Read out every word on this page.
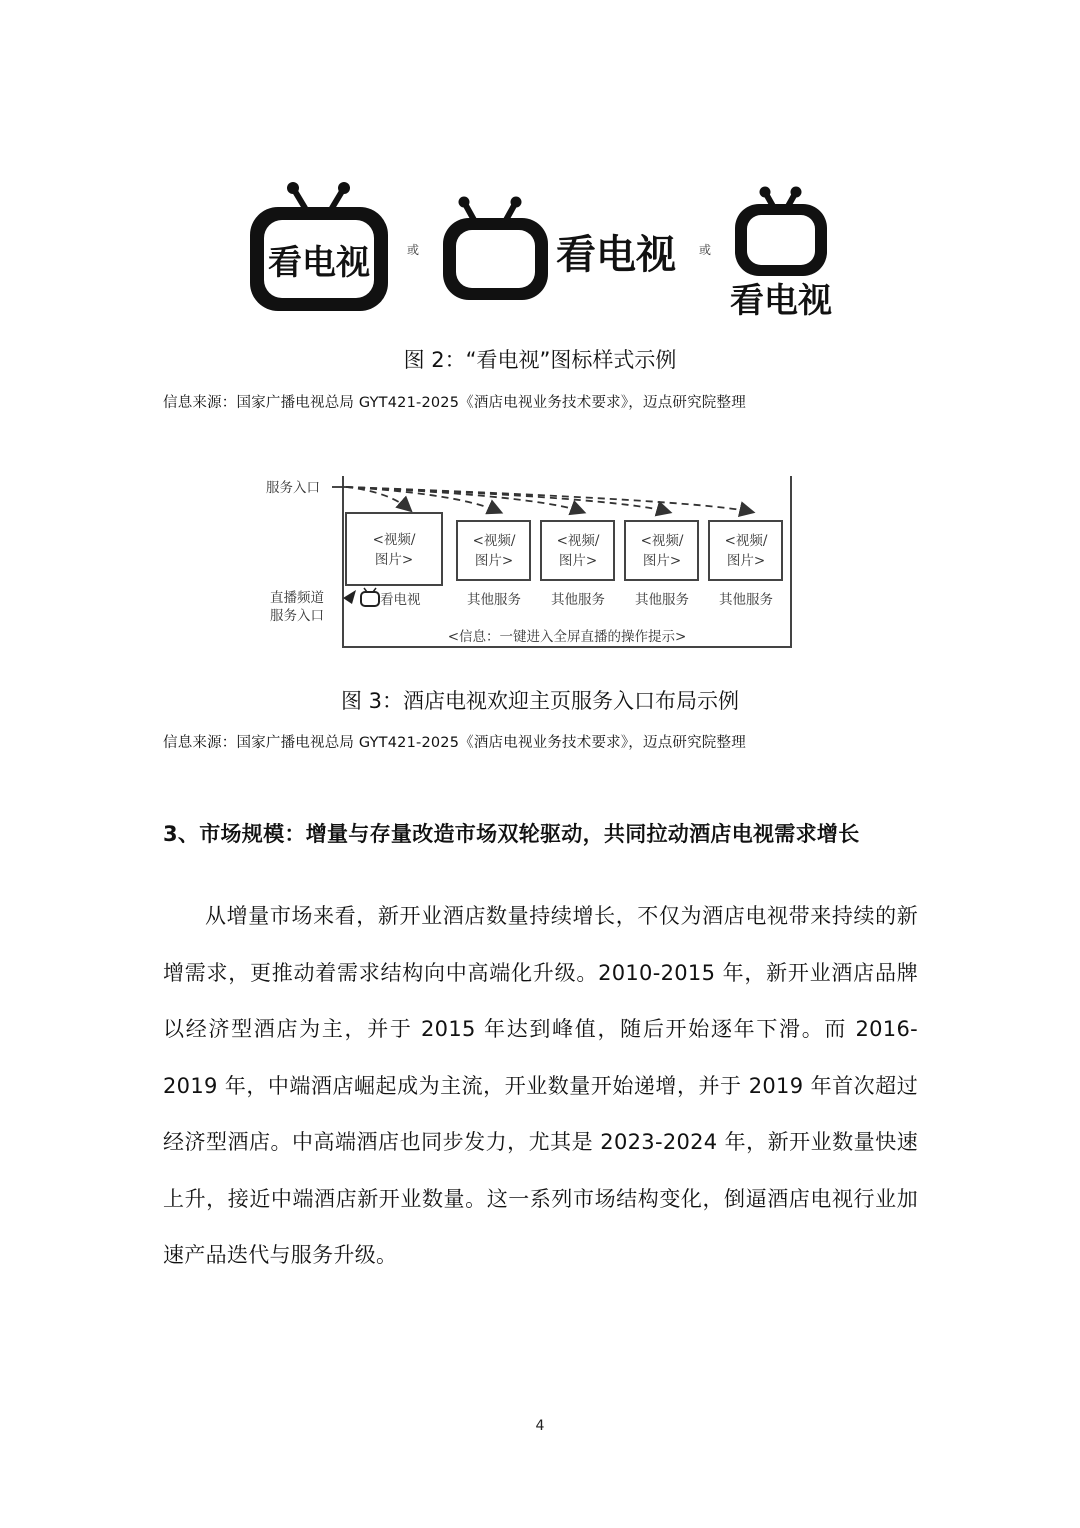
看电视	或	看电视 或
看电视
图 2：“看电视”图标样式示例
信息来源：国家广播电视总局 GYT421-2025《酒店电视业务技术要求》，迈点研究院整理
服务入口
<视频/
图片>
<视频/
图片>
<视频/
图片>
<视频/
图片>
<视频/
图片>
直播频道
服务入口
看电视	其他服务 其他服务 其他服务 其他服务
<信息：一键进入全屏直播的操作提示>
图 3：酒店电视欢迎主页服务入口布局示例
信息来源：国家广播电视总局 GYT421-2025《酒店电视业务技术要求》，迈点研究院整理
3、市场规模：增量与存量改造市场双轮驱动，共同拉动酒店电视需求增长

从增量市场来看，新开业酒店数量持续增长，不仅为酒店电视带来持续的新增需求，更推动着需求结构向中高端化升级。2010-2015 年，新开业酒店品牌以经济型酒店为主，并于 2015 年达到峰值，随后开始逐年下滑。而 2016-2019 年，中端酒店崛起成为主流，开业数量开始递增，并于 2019 年首次超过经济型酒店。中高端酒店也同步发力，尤其是 2023-2024 年，新开业数量快速上升，接近中端酒店新开业数量。这一系列市场结构变化，倒逼酒店电视行业加速产品迭代与服务升级。

4
